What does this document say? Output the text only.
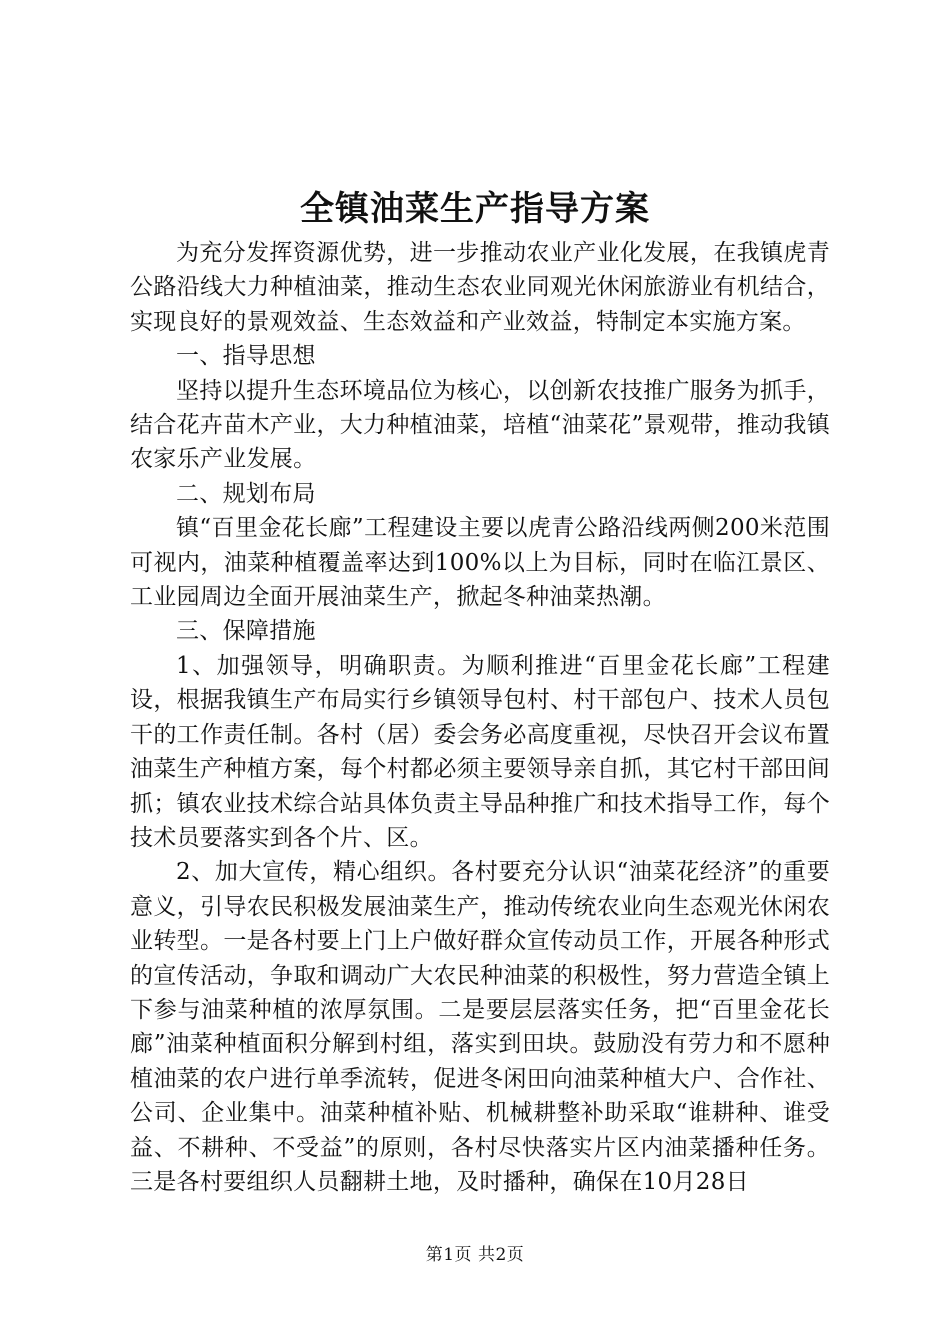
全镇油菜生产指导方案

为充分发挥资源优势，进一步推动农业产业化发展，在我镇虎青公路沿线大力种植油菜，推动生态农业同观光休闲旅游业有机结合，实现良好的景观效益、生态效益和产业效益，特制定本实施方案。

一、指导思想

坚持以提升生态环境品位为核心，以创新农技推广服务为抓手，结合花卉苗木产业，大力种植油菜，培植“油菜花”景观带，推动我镇农家乐产业发展。

二、规划布局

镇“百里金花长廊”工程建设主要以虎青公路沿线两侧200米范围可视内，油菜种植覆盖率达到100%以上为目标，同时在临江景区、工业园周边全面开展油菜生产，掀起冬种油菜热潮。

三、保障措施

1、加强领导，明确职责。为顺利推进“百里金花长廊”工程建设，根据我镇生产布局实行乡镇领导包村、村干部包户、技术人员包干的工作责任制。各村（居）委会务必高度重视，尽快召开会议布置油菜生产种植方案，每个村都必须主要领导亲自抓，其它村干部田间抓；镇农业技术综合站具体负责主导品种推广和技术指导工作，每个技术员要落实到各个片、区。

2、加大宣传，精心组织。各村要充分认识“油菜花经济”的重要意义，引导农民积极发展油菜生产，推动传统农业向生态观光休闲农业转型。一是各村要上门上户做好群众宣传动员工作，开展各种形式的宣传活动，争取和调动广大农民种油菜的积极性，努力营造全镇上下参与油菜种植的浓厚氛围。二是要层层落实任务，把“百里金花长廊”油菜种植面积分解到村组，落实到田块。鼓励没有劳力和不愿种植油菜的农户进行单季流转，促进冬闲田向油菜种植大户、合作社、公司、企业集中。油菜种植补贴、机械耕整补助采取“谁耕种、谁受益、不耕种、不受益”的原则，各村尽快落实片区内油菜播种任务。三是各村要组织人员翻耕土地，及时播种，确保在10月28日

第1页 共2页
